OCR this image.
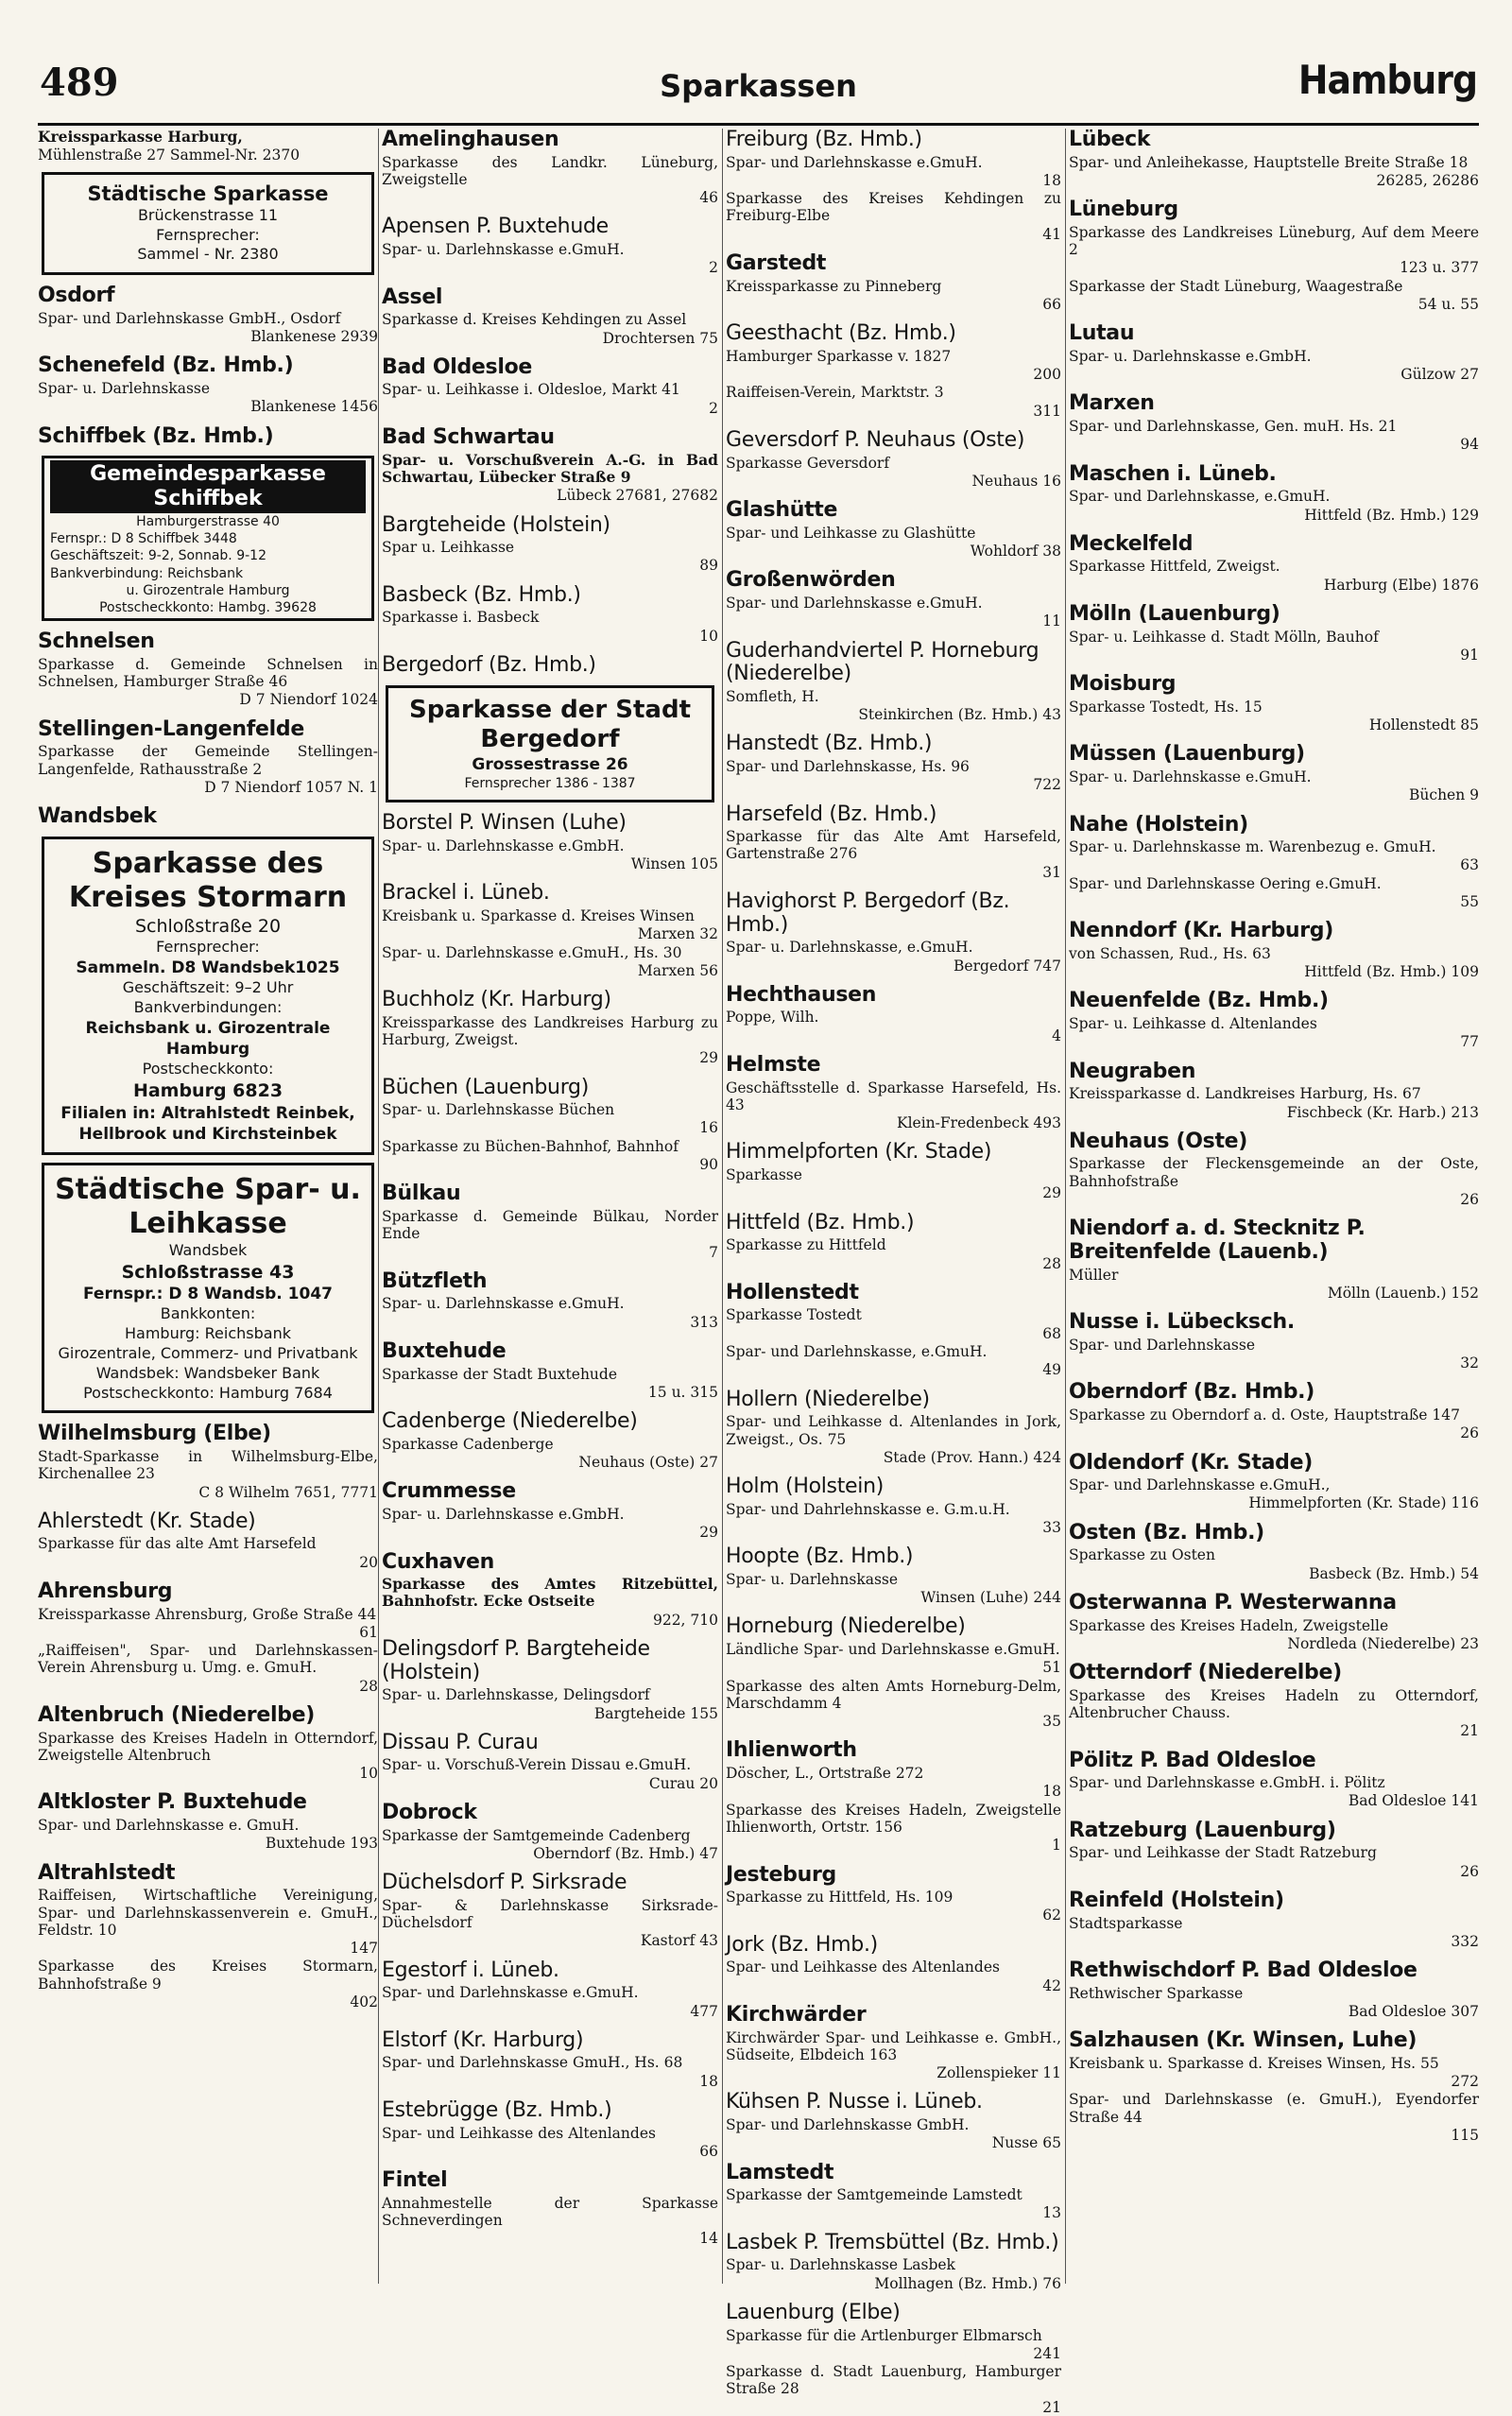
489	Sparkassen	Hamburg
Kreissparkasse Harburg,
Mühlenstraße 27 Sammel-Nr. 2370
Städtische Sparkasse
Brückenstrasse 11
Fernsprecher:
Sammel - Nr. 2380
Osdorf
Spar- und Darlehnskasse GmbH., Osdorf
Blankenese 2939
Schenefeld (Bz. Hmb.)
Spar- u. Darlehnskasse
Blankenese 1456
Schiffbek (Bz. Hmb.)
Gemeindesparkasse Schiffbek
Hamburgerstrasse 40
Fernspr.: D 8 Schiffbek 3448
Geschäftszeit: 9-2, Sonnab. 9-12
Bankverbindung: Reichsbank
u. Girozentrale Hamburg
Postscheckkonto: Hambg. 39628
Schnelsen
Sparkasse d. Gemeinde Schnelsen in Schnelsen, Hamburger Straße 46
D 7 Niendorf 1024
Stellingen-Langenfelde
Sparkasse der Gemeinde Stellingen-Langenfelde, Rathausstraße 2
D 7 Niendorf 1057 N. 1
Wandsbek
Sparkasse des Kreises Stormarn
Schloßstraße 20
Fernsprecher:
Sammeln. D8 Wandsbek1025
Geschäftszeit: 9–2 Uhr
Bankverbindungen:
Reichsbank u. Girozentrale Hamburg
Postscheckkonto:
Hamburg 6823
Filialen in: Altrahlstedt Reinbek, Hellbrook und Kirchsteinbek
Städtische Spar- u. Leihkasse
Wandsbek
Schloßstrasse 43
Fernspr.: D 8 Wandsb. 1047
Bankkonten:
Hamburg: Reichsbank
Girozentrale, Commerz- und Privatbank
Wandsbek: Wandsbeker Bank
Postscheckkonto: Hamburg 7684
Wilhelmsburg (Elbe)
Stadt-Sparkasse in Wilhelmsburg-Elbe, Kirchenallee 23
C 8 Wilhelm 7651, 7771
Ahlerstedt (Kr. Stade)
Sparkasse für das alte Amt Harsefeld
20
Ahrensburg
Kreissparkasse Ahrensburg, Große Straße 44
61
„Raiffeisen", Spar- und Darlehnskassen-Verein Ahrensburg u. Umg. e. GmuH.
28
Altenbruch (Niederelbe)
Sparkasse des Kreises Hadeln in Otterndorf, Zweigstelle Altenbruch
10
Altkloster P. Buxtehude
Spar- und Darlehnskasse e. GmuH.
Buxtehude 193
Altrahlstedt
Raiffeisen, Wirtschaftliche Vereinigung, Spar- und Darlehnskassenverein e. GmuH., Feldstr. 10
147
Sparkasse des Kreises Stormarn, Bahnhofstraße 9
402
Amelinghausen
Sparkasse des Landkr. Lüneburg, Zweigstelle
46
Apensen P. Buxtehude
Spar- u. Darlehnskasse e.GmuH.
2
Assel
Sparkasse d. Kreises Kehdingen zu Assel
Drochtersen 75
Bad Oldesloe
Spar- u. Leihkasse i. Oldesloe, Markt 41
2
Bad Schwartau
Spar- u. Vorschußverein A.-G. in Bad Schwartau, Lübecker Straße 9
Lübeck 27681, 27682
Bargteheide (Holstein)
Spar u. Leihkasse
89
Basbeck (Bz. Hmb.)
Sparkasse i. Basbeck
10
Bergedorf (Bz. Hmb.)
Sparkasse der Stadt Bergedorf
Grossestrasse 26
Fernsprecher 1386 - 1387
Borstel P. Winsen (Luhe)
Spar- u. Darlehnskasse e.GmbH.
Winsen 105
Brackel i. Lüneb.
Kreisbank u. Sparkasse d. Kreises Winsen
Marxen 32
Spar- u. Darlehnskasse e.GmuH., Hs. 30
Marxen 56
Buchholz (Kr. Harburg)
Kreissparkasse des Landkreises Harburg zu Harburg, Zweigst.
29
Büchen (Lauenburg)
Spar- u. Darlehnskasse Büchen
16
Sparkasse zu Büchen-Bahnhof, Bahnhof
90
Bülkau
Sparkasse d. Gemeinde Bülkau, Norder Ende
7
Bützfleth
Spar- u. Darlehnskasse e.GmuH.
313
Buxtehude
Sparkasse der Stadt Buxtehude
15 u. 315
Cadenberge (Niederelbe)
Sparkasse Cadenberge
Neuhaus (Oste) 27
Crummesse
Spar- u. Darlehnskasse e.GmbH.
29
Cuxhaven
Sparkasse des Amtes Ritzebüttel, Bahnhofstr. Ecke Ostseite
922, 710
Delingsdorf P. Bargteheide (Holstein)
Spar- u. Darlehnskasse, Delingsdorf
Bargteheide 155
Dissau P. Curau
Spar- u. Vorschuß-Verein Dissau e.GmuH.
Curau 20
Dobrock
Sparkasse der Samtgemeinde Cadenberg
Oberndorf (Bz. Hmb.) 47
Düchelsdorf P. Sirksrade
Spar- & Darlehnskasse Sirksrade-Düchelsdorf
Kastorf 43
Egestorf i. Lüneb.
Spar- und Darlehnskasse e.GmuH.
477
Elstorf (Kr. Harburg)
Spar- und Darlehnskasse GmuH., Hs. 68
18
Estebrügge (Bz. Hmb.)
Spar- und Leihkasse des Altenlandes
66
Fintel
Annahmestelle der Sparkasse Schneverdingen
14
Freiburg (Bz. Hmb.)
Spar- und Darlehnskasse e.GmuH.
18
Sparkasse des Kreises Kehdingen zu Freiburg-Elbe
41
Garstedt
Kreissparkasse zu Pinneberg
66
Geesthacht (Bz. Hmb.)
Hamburger Sparkasse v. 1827
200
Raiffeisen-Verein, Marktstr. 3
311
Geversdorf P. Neuhaus (Oste)
Sparkasse Geversdorf
Neuhaus 16
Glashütte
Spar- und Leihkasse zu Glashütte
Wohldorf 38
Großenwörden
Spar- und Darlehnskasse e.GmuH.
11
Guderhandviertel P. Horneburg (Niederelbe)
Somfleth, H.
Steinkirchen (Bz. Hmb.) 43
Hanstedt (Bz. Hmb.)
Spar- und Darlehnskasse, Hs. 96
722
Harsefeld (Bz. Hmb.)
Sparkasse für das Alte Amt Harsefeld, Gartenstraße 276
31
Havighorst P. Bergedorf (Bz. Hmb.)
Spar- u. Darlehnskasse, e.GmuH.
Bergedorf 747
Hechthausen
Poppe, Wilh.
4
Helmste
Geschäftsstelle d. Sparkasse Harsefeld, Hs. 43
Klein-Fredenbeck 493
Himmelpforten (Kr. Stade)
Sparkasse
29
Hittfeld (Bz. Hmb.)
Sparkasse zu Hittfeld
28
Hollenstedt
Sparkasse Tostedt
68
Spar- und Darlehnskasse, e.GmuH.
49
Hollern (Niederelbe)
Spar- und Leihkasse d. Altenlandes in Jork, Zweigst., Os. 75
Stade (Prov. Hann.) 424
Holm (Holstein)
Spar- und Dahrlehnskasse e. G.m.u.H.
33
Hoopte (Bz. Hmb.)
Spar- u. Darlehnskasse
Winsen (Luhe) 244
Horneburg (Niederelbe)
Ländliche Spar- und Darlehnskasse e.GmuH.
51
Sparkasse des alten Amts Horneburg-Delm, Marschdamm 4
35
Ihlienworth
Döscher, L., Ortstraße 272
18
Sparkasse des Kreises Hadeln, Zweigstelle Ihlienworth, Ortstr. 156
1
Jesteburg
Sparkasse zu Hittfeld, Hs. 109
62
Jork (Bz. Hmb.)
Spar- und Leihkasse des Altenlandes
42
Kirchwärder
Kirchwärder Spar- und Leihkasse e. GmbH., Südseite, Elbdeich 163
Zollenspieker 11
Kühsen P. Nusse i. Lüneb.
Spar- und Darlehnskasse GmbH.
Nusse 65
Lamstedt
Sparkasse der Samtgemeinde Lamstedt
13
Lasbek P. Tremsbüttel (Bz. Hmb.)
Spar- u. Darlehnskasse Lasbek
Mollhagen (Bz. Hmb.) 76
Lauenburg (Elbe)
Sparkasse für die Artlenburger Elbmarsch
241
Sparkasse d. Stadt Lauenburg, Hamburger Straße 28
21
Lübeck
Spar- und Anleihekasse, Hauptstelle Breite Straße 18
26285, 26286
Lüneburg
Sparkasse des Landkreises Lüneburg, Auf dem Meere 2
123 u. 377
Sparkasse der Stadt Lüneburg, Waagestraße
54 u. 55
Lutau
Spar- u. Darlehnskasse e.GmbH.
Gülzow 27
Marxen
Spar- und Darlehnskasse, Gen. muH. Hs. 21
94
Maschen i. Lüneb.
Spar- und Darlehnskasse, e.GmuH.
Hittfeld (Bz. Hmb.) 129
Meckelfeld
Sparkasse Hittfeld, Zweigst.
Harburg (Elbe) 1876
Mölln (Lauenburg)
Spar- u. Leihkasse d. Stadt Mölln, Bauhof
91
Moisburg
Sparkasse Tostedt, Hs. 15
Hollenstedt 85
Müssen (Lauenburg)
Spar- u. Darlehnskasse e.GmuH.
Büchen 9
Nahe (Holstein)
Spar- u. Darlehnskasse m. Warenbezug e. GmuH.
63
Spar- und Darlehnskasse Oering e.GmuH.
55
Nenndorf (Kr. Harburg)
von Schassen, Rud., Hs. 63
Hittfeld (Bz. Hmb.) 109
Neuenfelde (Bz. Hmb.)
Spar- u. Leihkasse d. Altenlandes
77
Neugraben
Kreissparkasse d. Landkreises Harburg, Hs. 67
Fischbeck (Kr. Harb.) 213
Neuhaus (Oste)
Sparkasse der Fleckensgemeinde an der Oste, Bahnhofstraße
26
Niendorf a. d. Stecknitz P. Breitenfelde (Lauenb.)
Müller
Mölln (Lauenb.) 152
Nusse i. Lübecksch.
Spar- und Darlehnskasse
32
Oberndorf (Bz. Hmb.)
Sparkasse zu Oberndorf a. d. Oste, Hauptstraße 147
26
Oldendorf (Kr. Stade)
Spar- und Darlehnskasse e.GmuH.,
Himmelpforten (Kr. Stade) 116
Osten (Bz. Hmb.)
Sparkasse zu Osten
Basbeck (Bz. Hmb.) 54
Osterwanna P. Westerwanna
Sparkasse des Kreises Hadeln, Zweigstelle
Nordleda (Niederelbe) 23
Otterndorf (Niederelbe)
Sparkasse des Kreises Hadeln zu Otterndorf, Altenbrucher Chauss.
21
Pölitz P. Bad Oldesloe
Spar- und Darlehnskasse e.GmbH. i. Pölitz
Bad Oldesloe 141
Ratzeburg (Lauenburg)
Spar- und Leihkasse der Stadt Ratzeburg
26
Reinfeld (Holstein)
Stadtsparkasse
332
Rethwischdorf P. Bad Oldesloe
Rethwischer Sparkasse
Bad Oldesloe 307
Salzhausen (Kr. Winsen, Luhe)
Kreisbank u. Sparkasse d. Kreises Winsen, Hs. 55
272
Spar- und Darlehnskasse (e. GmuH.), Eyendorfer Straße 44
115
